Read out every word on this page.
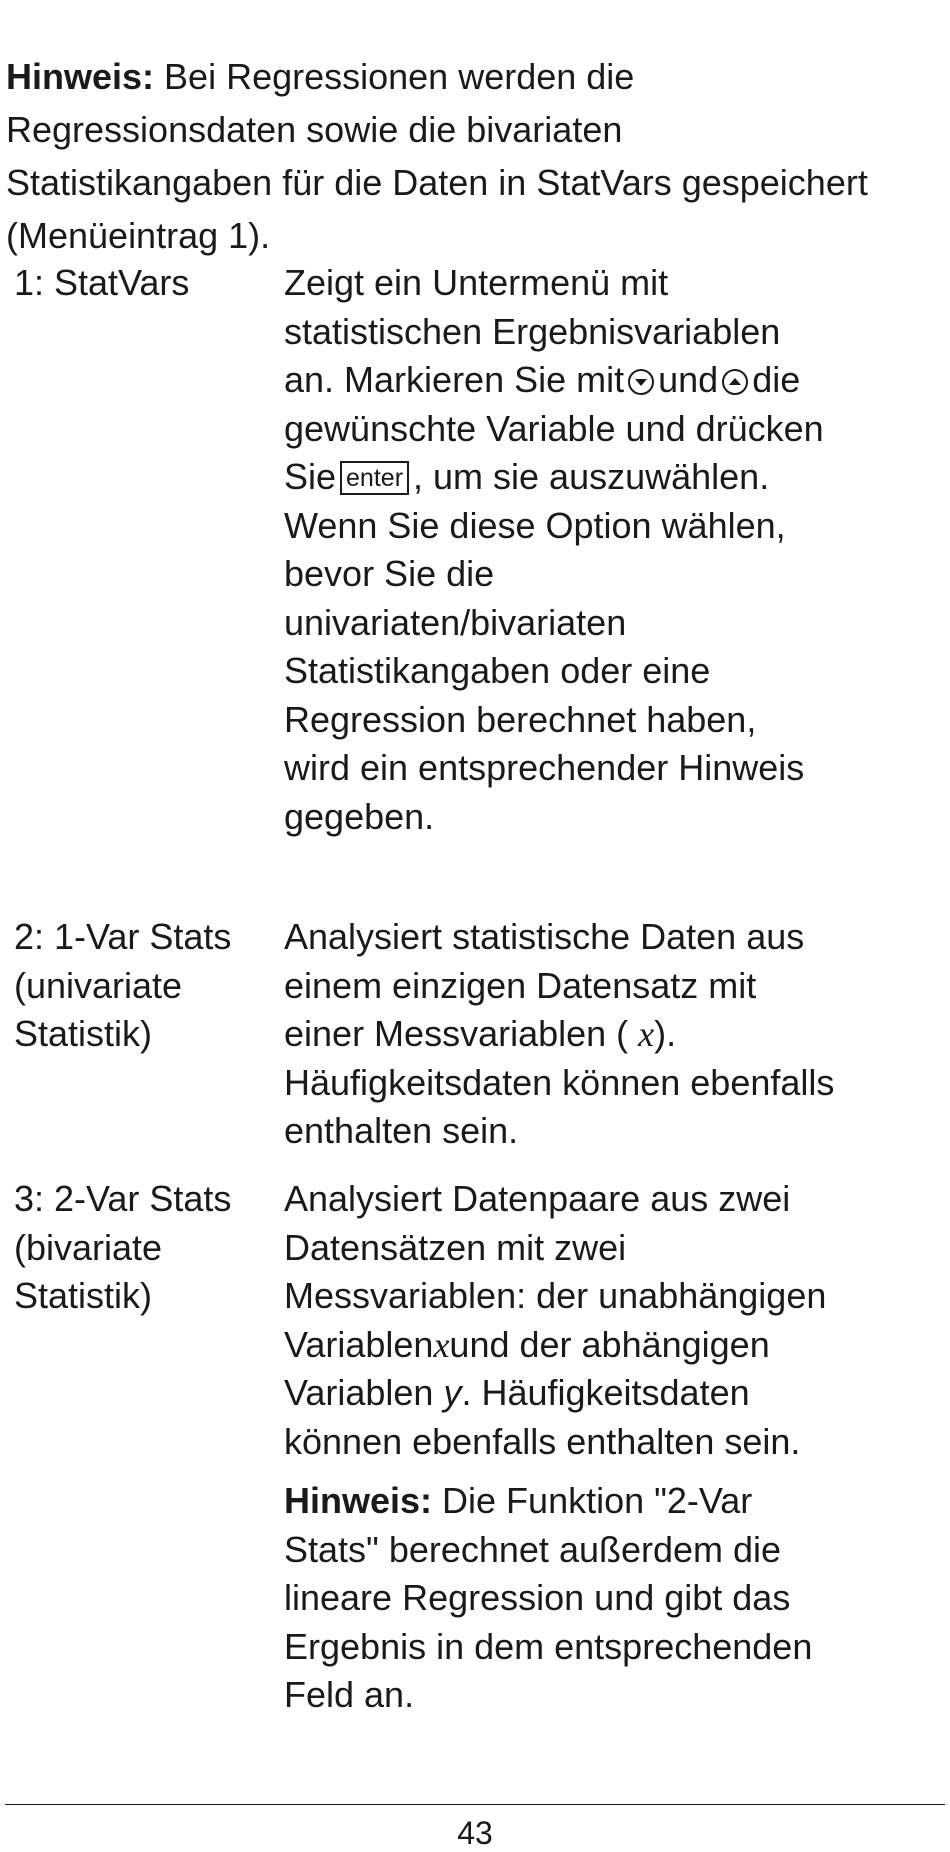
Hinweis: Bei Regressionen werden die
Regressionsdaten sowie die bivariaten
Statistikangaben für die Daten in StatVars gespeichert
(Menüeintrag 1).
1: StatVars	Zeigt ein Untermenü mit
statistischen Ergebnisvariablen
an. Markieren Sie mit und die
gewünschte Variable und drücken
Sie enter , um sie auszuwählen.
Wenn Sie diese Option wählen,
bevor Sie die
univariaten/bivariaten
Statistikangaben oder eine
Regression berechnet haben,
wird ein entsprechender Hinweis
gegeben.
2: 1-Var Stats
(univariate
Statistik)
Analysiert statistische Daten aus
einem einzigen Datensatz mit
einer Messvariablen ( x).
Häufigkeitsdaten können ebenfalls
enthalten sein.
3: 2-Var Stats
(bivariate
Statistik)
Analysiert Datenpaare aus zwei
Datensätzen mit zwei
Messvariablen: der unabhängigen
Variablenxund der abhängigen
Variablen y. Häufigkeitsdaten
können ebenfalls enthalten sein.
Hinweis: Die Funktion "2-Var
Stats" berechnet außerdem die
lineare Regression und gibt das
Ergebnis in dem entsprechenden
Feld an.
43
